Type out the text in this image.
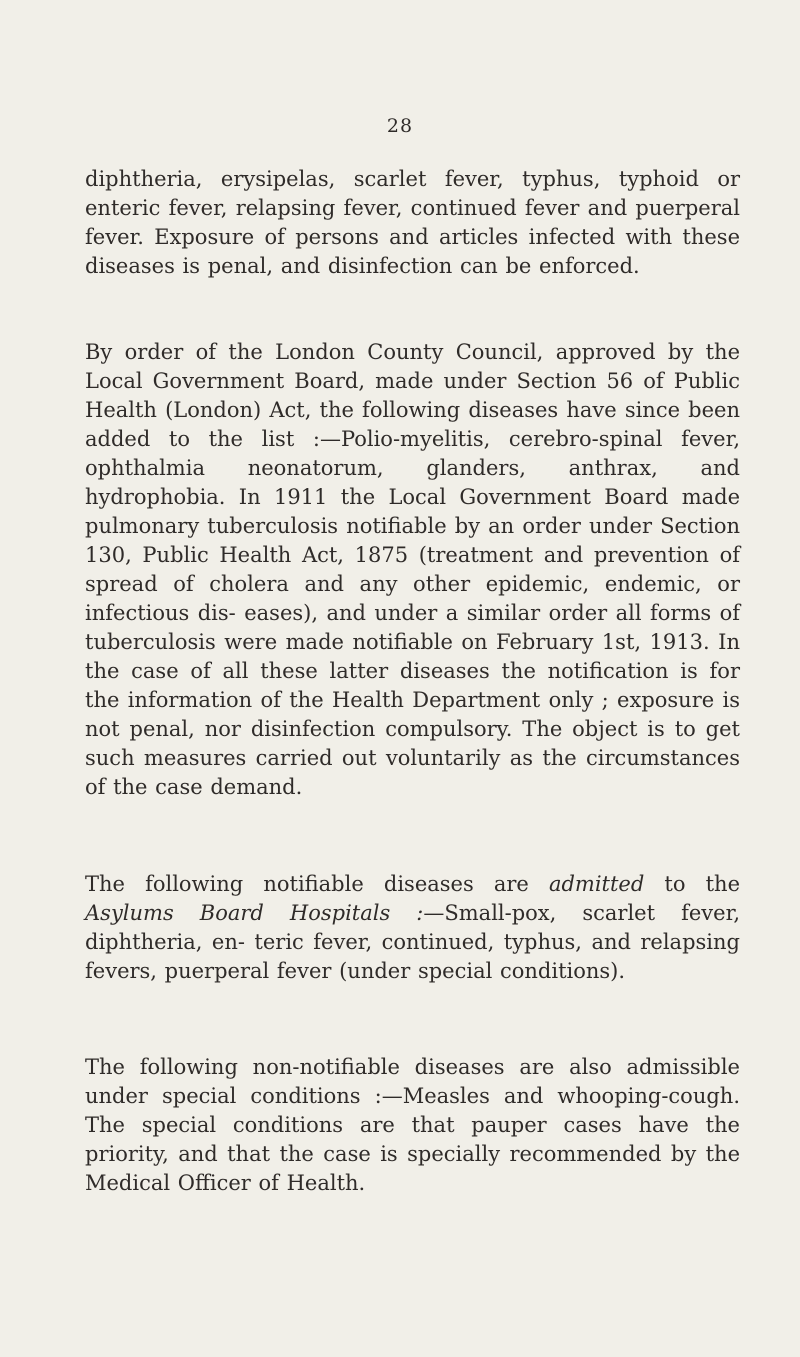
28

diphtheria, erysipelas, scarlet fever, typhus, typhoid or enteric fever, relapsing fever, continued fever and puerperal fever. Exposure of persons and articles infected with these diseases is penal, and disinfection can be enforced.

By order of the London County Council, approved by the Local Government Board, made under Section 56 of Public Health (London) Act, the following diseases have since been added to the list :—Polio-myelitis, cerebro-spinal fever, ophthalmia neonatorum, glanders, anthrax, and hydrophobia. In 1911 the Local Government Board made pulmonary tuberculosis notifiable by an order under Section 130, Public Health Act, 1875 (treatment and prevention of spread of cholera and any other epidemic, endemic, or infectious dis- eases), and under a similar order all forms of tuberculosis were made notifiable on February 1st, 1913. In the case of all these latter diseases the notification is for the information of the Health Department only ; exposure is not penal, nor disinfection compulsory. The object is to get such measures carried out voluntarily as the circumstances of the case demand.

The following notifiable diseases are admitted to the Asylums Board Hospitals :—Small-pox, scarlet fever, diphtheria, en- teric fever, continued, typhus, and relapsing fevers, puerperal fever (under special conditions).

The following non-notifiable diseases are also admissible under special conditions :—Measles and whooping-cough. The special conditions are that pauper cases have the priority, and that the case is specially recommended by the Medical Officer of Health.
